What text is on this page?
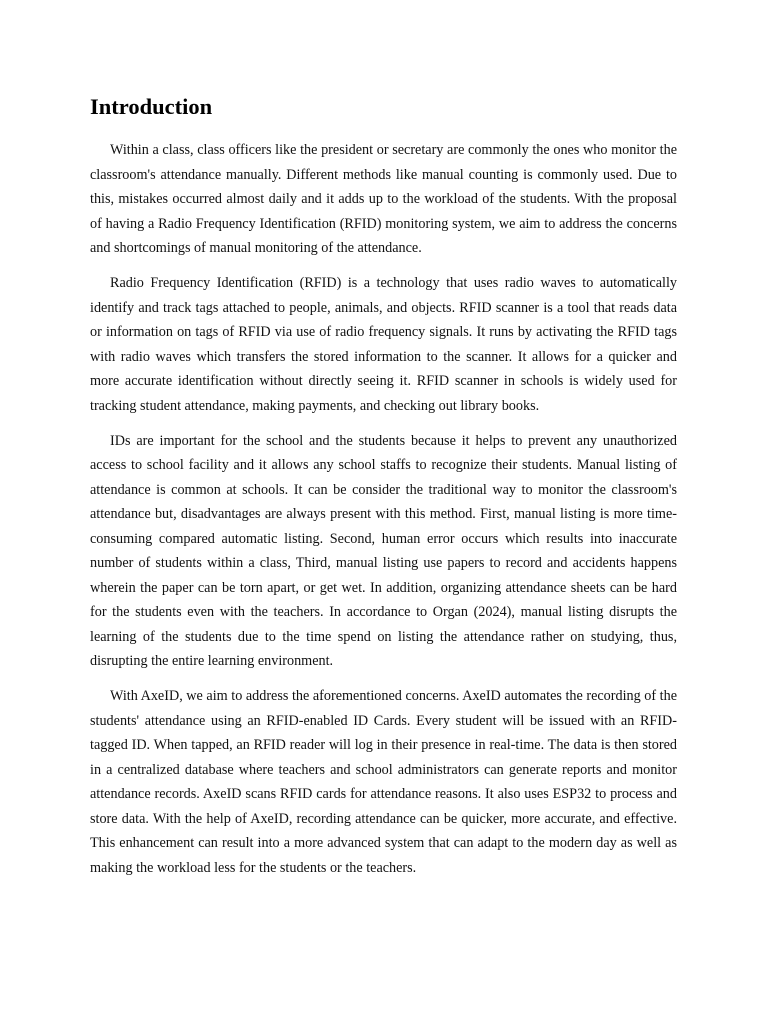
Introduction

Within a class, class officers like the president or secretary are commonly the ones who monitor the classroom's attendance manually. Different methods like manual counting is commonly used. Due to this, mistakes occurred almost daily and it adds up to the workload of the students. With the proposal of having a Radio Frequency Identification (RFID) monitoring system, we aim to address the concerns and shortcomings of manual monitoring of the attendance.

Radio Frequency Identification (RFID) is a technology that uses radio waves to automatically identify and track tags attached to people, animals, and objects. RFID scanner is a tool that reads data or information on tags of RFID via use of radio frequency signals. It runs by activating the RFID tags with radio waves which transfers the stored information to the scanner. It allows for a quicker and more accurate identification without directly seeing it. RFID scanner in schools is widely used for tracking student attendance, making payments, and checking out library books.

IDs are important for the school and the students because it helps to prevent any unauthorized access to school facility and it allows any school staffs to recognize their students. Manual listing of attendance is common at schools. It can be consider the traditional way to monitor the classroom's attendance but, disadvantages are always present with this method. First, manual listing is more time-consuming compared automatic listing. Second, human error occurs which results into inaccurate number of students within a class, Third, manual listing use papers to record and accidents happens wherein the paper can be torn apart, or get wet. In addition, organizing attendance sheets can be hard for the students even with the teachers. In accordance to Organ (2024), manual listing disrupts the learning of the students due to the time spend on listing the attendance rather on studying, thus, disrupting the entire learning environment.

With AxeID, we aim to address the aforementioned concerns. AxeID automates the recording of the students' attendance using an RFID-enabled ID Cards. Every student will be issued with an RFID-tagged ID. When tapped, an RFID reader will log in their presence in real-time. The data is then stored in a centralized database where teachers and school administrators can generate reports and monitor attendance records. AxeID scans RFID cards for attendance reasons. It also uses ESP32 to process and store data. With the help of AxeID, recording attendance can be quicker, more accurate, and effective. This enhancement can result into a more advanced system that can adapt to the modern day as well as making the workload less for the students or the teachers.
